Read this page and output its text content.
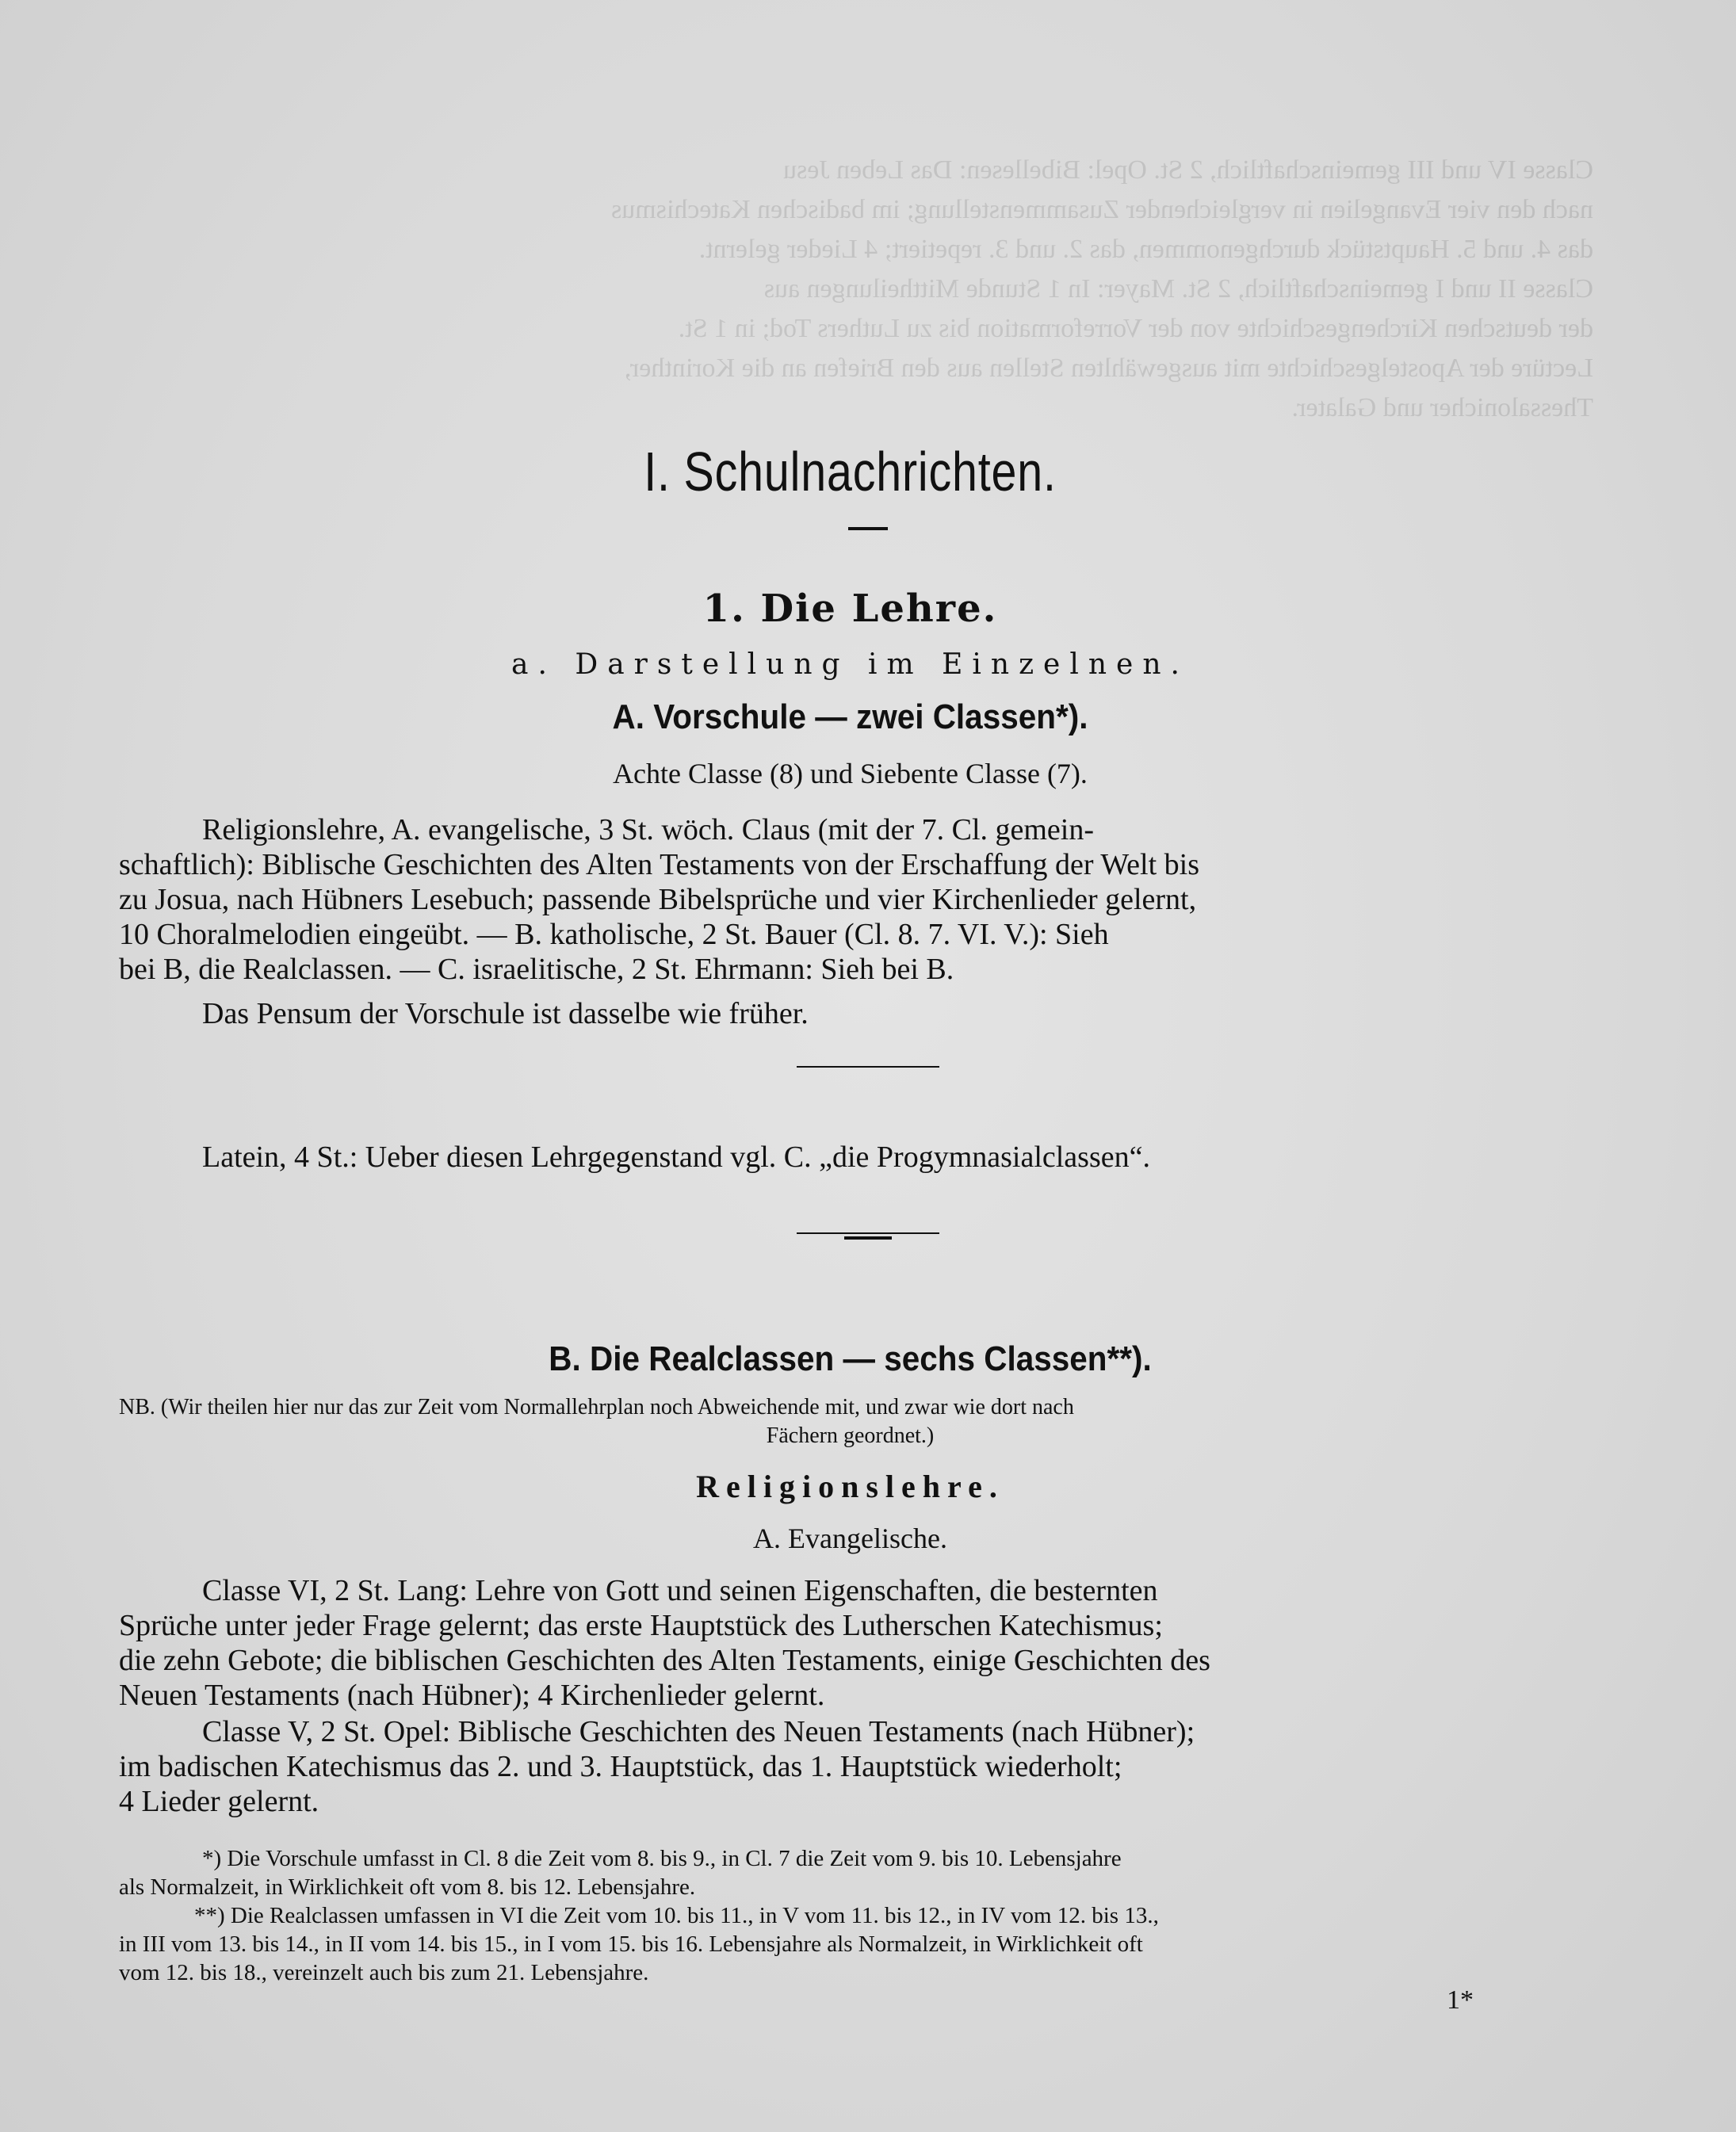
Classe IV und III gemeinschaftlich, 2 St. Opel: Bibellesen: Das Leben Jesu
nach den vier Evangelien in vergleichender Zusammenstellung; im badischen Katechismus
das 4. und 5. Hauptstück durchgenommen, das 2. und 3. repetiert; 4 Lieder gelernt.
Classe II und I gemeinschaftlich, 2 St. Mayer: In 1 Stunde Mittheilungen aus
der deutschen Kirchengeschichte von der Vorreformation bis zu Luthers Tod; in 1 St.
Lectüre der Apostelgeschichte mit ausgewählten Stellen aus den Briefen an die Korinther,
Thessalonicher und Galater.
I. Schulnachrichten.
1. Die Lehre.
a. Darstellung im Einzelnen.
A. Vorschule — zwei Classen*).
Achte Classe (8) und Siebente Classe (7).
Religionslehre, A. evangelische, 3 St. wöch. Claus (mit der 7. Cl. gemein-
schaftlich): Biblische Geschichten des Alten Testaments von der Erschaffung der Welt bis
zu Josua, nach Hübners Lesebuch; passende Bibelsprüche und vier Kirchenlieder gelernt,
10 Choralmelodien eingeübt. — B. katholische, 2 St. Bauer (Cl. 8. 7. VI. V.): Sieh
bei B, die Realclassen. — C. israelitische, 2 St. Ehrmann: Sieh bei B.
Das Pensum der Vorschule ist dasselbe wie früher.
Latein, 4 St.: Ueber diesen Lehrgegenstand vgl. C. „die Progymnasialclassen“.
B. Die Realclassen — sechs Classen**).
NB. (Wir theilen hier nur das zur Zeit vom Normallehrplan noch Abweichende mit, und zwar wie dort nach
Fächern geordnet.)
Religionslehre.
A. Evangelische.
Classe VI, 2 St. Lang: Lehre von Gott und seinen Eigenschaften, die besternten
Sprüche unter jeder Frage gelernt; das erste Hauptstück des Lutherschen Katechismus;
die zehn Gebote; die biblischen Geschichten des Alten Testaments, einige Geschichten des
Neuen Testaments (nach Hübner); 4 Kirchenlieder gelernt.
Classe V, 2 St. Opel: Biblische Geschichten des Neuen Testaments (nach Hübner);
im badischen Katechismus das 2. und 3. Hauptstück, das 1. Hauptstück wiederholt;
4 Lieder gelernt.
*) Die Vorschule umfasst in Cl. 8 die Zeit vom 8. bis 9., in Cl. 7 die Zeit vom 9. bis 10. Lebensjahre
als Normalzeit, in Wirklichkeit oft vom 8. bis 12. Lebensjahre.
**) Die Realclassen umfassen in VI die Zeit vom 10. bis 11., in V vom 11. bis 12., in IV vom 12. bis 13.,
in III vom 13. bis 14., in II vom 14. bis 15., in I vom 15. bis 16. Lebensjahre als Normalzeit, in Wirklichkeit oft
vom 12. bis 18., vereinzelt auch bis zum 21. Lebensjahre.
1*
